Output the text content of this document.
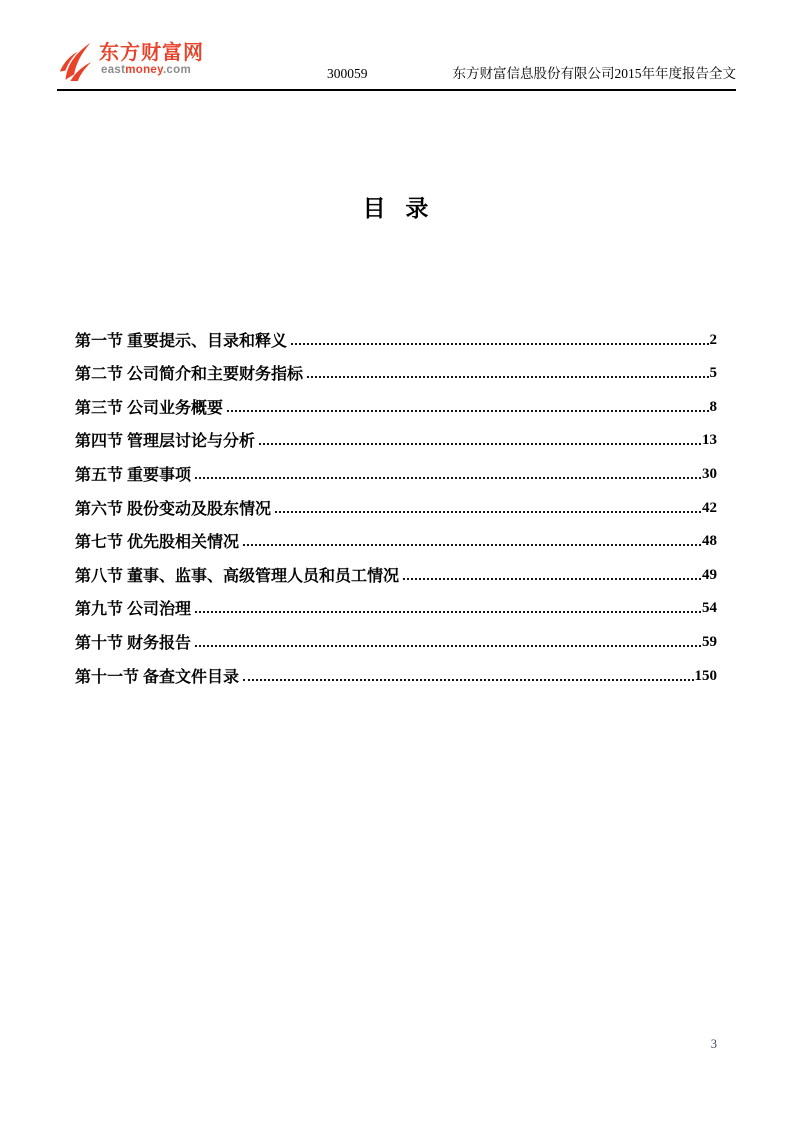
东方财富网
eastmoney.com	300059	东方财富信息股份有限公司2015年年度报告全文
目 录
第一节 重要提示、目录和释义	2
第二节 公司简介和主要财务指标	5
第三节 公司业务概要	8
第四节 管理层讨论与分析	13
第五节 重要事项	30
第六节 股份变动及股东情况	42
第七节 优先股相关情况	48
第八节 董事、监事、高级管理人员和员工情况	49
第九节 公司治理	54
第十节 财务报告	59
第十一节 备查文件目录	150
3
